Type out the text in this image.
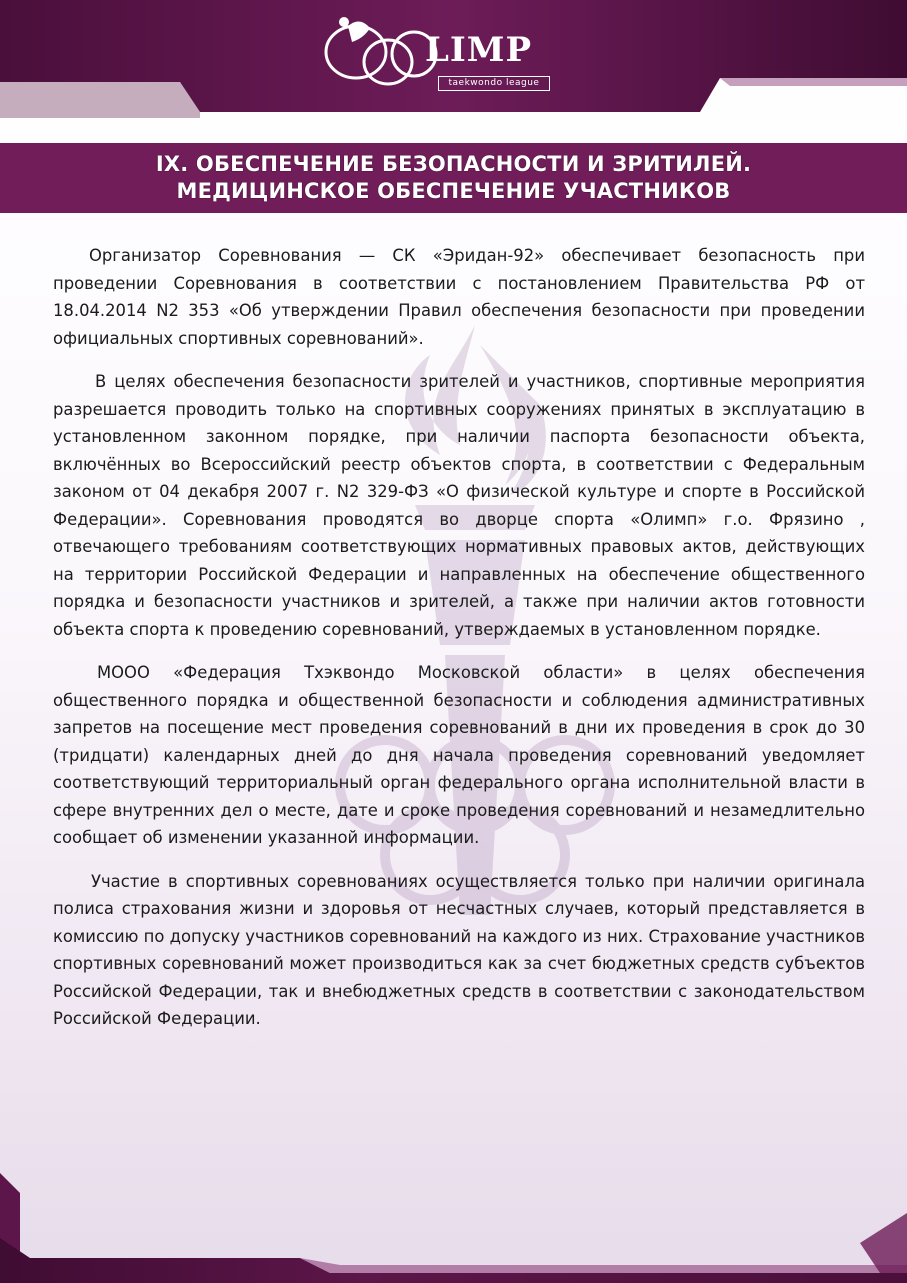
LIMP
taekwondo league
IX. ОБЕСПЕЧЕНИЕ БЕЗОПАСНОСТИ И ЗРИТИЛЕЙ.
МЕДИЦИНСКОЕ ОБЕСПЕЧЕНИЕ УЧАСТНИКОВ

Организатор Соревнования — СК «Эридан-92» обеспечивает безопасность при проведении Соревнования в соответствии с постановлением Правительства РФ от 18.04.2014 N2 353 «Об утверждении Правил обеспечения безопасности при проведении официальных спортивных соревнований».

В целях обеспечения безопасности зрителей и участников, спортивные мероприятия разрешается проводить только на спортивных сооружениях принятых в эксплуатацию в установленном законном порядке, при наличии паспорта безопасности объекта, включённых во Всероссийский реестр объектов спорта, в соответствии с Федеральным законом от 04 декабря 2007 г. N2 329-ФЗ «О физической культуре и спорте в Российской Федерации». Соревнования проводятся во дворце спорта «Олимп» г.о. Фрязино , отвечающего требованиям соответствующих нормативных правовых актов, действующих на территории Российской Федерации и направленных на обеспечение общественного порядка и безопасности участников и зрителей, а также при наличии актов готовности объекта спорта к проведению соревнований, утверждаемых в установленном порядке.

МООО «Федерация Тхэквондо Московской области» в целях обеспечения общественного порядка и общественной безопасности и соблюдения административных запретов на посещение мест проведения соревнований в дни их проведения в срок до 30 (тридцати) календарных дней до дня начала проведения соревнований уведомляет соответствующий территориальный орган федерального органа исполнительной власти в сфере внутренних дел о месте, дате и сроке проведения соревнований и незамедлительно сообщает об изменении указанной информации.

Участие в спортивных соревнованиях осуществляется только при наличии оригинала полиса страхования жизни и здоровья от несчастных случаев, который представляется в комиссию по допуску участников соревнований на каждого из них. Страхование участников спортивных соревнований может производиться как за счет бюджетных средств субъектов Российской Федерации, так и внебюджетных средств в соответствии с законодательством Российской Федерации.
